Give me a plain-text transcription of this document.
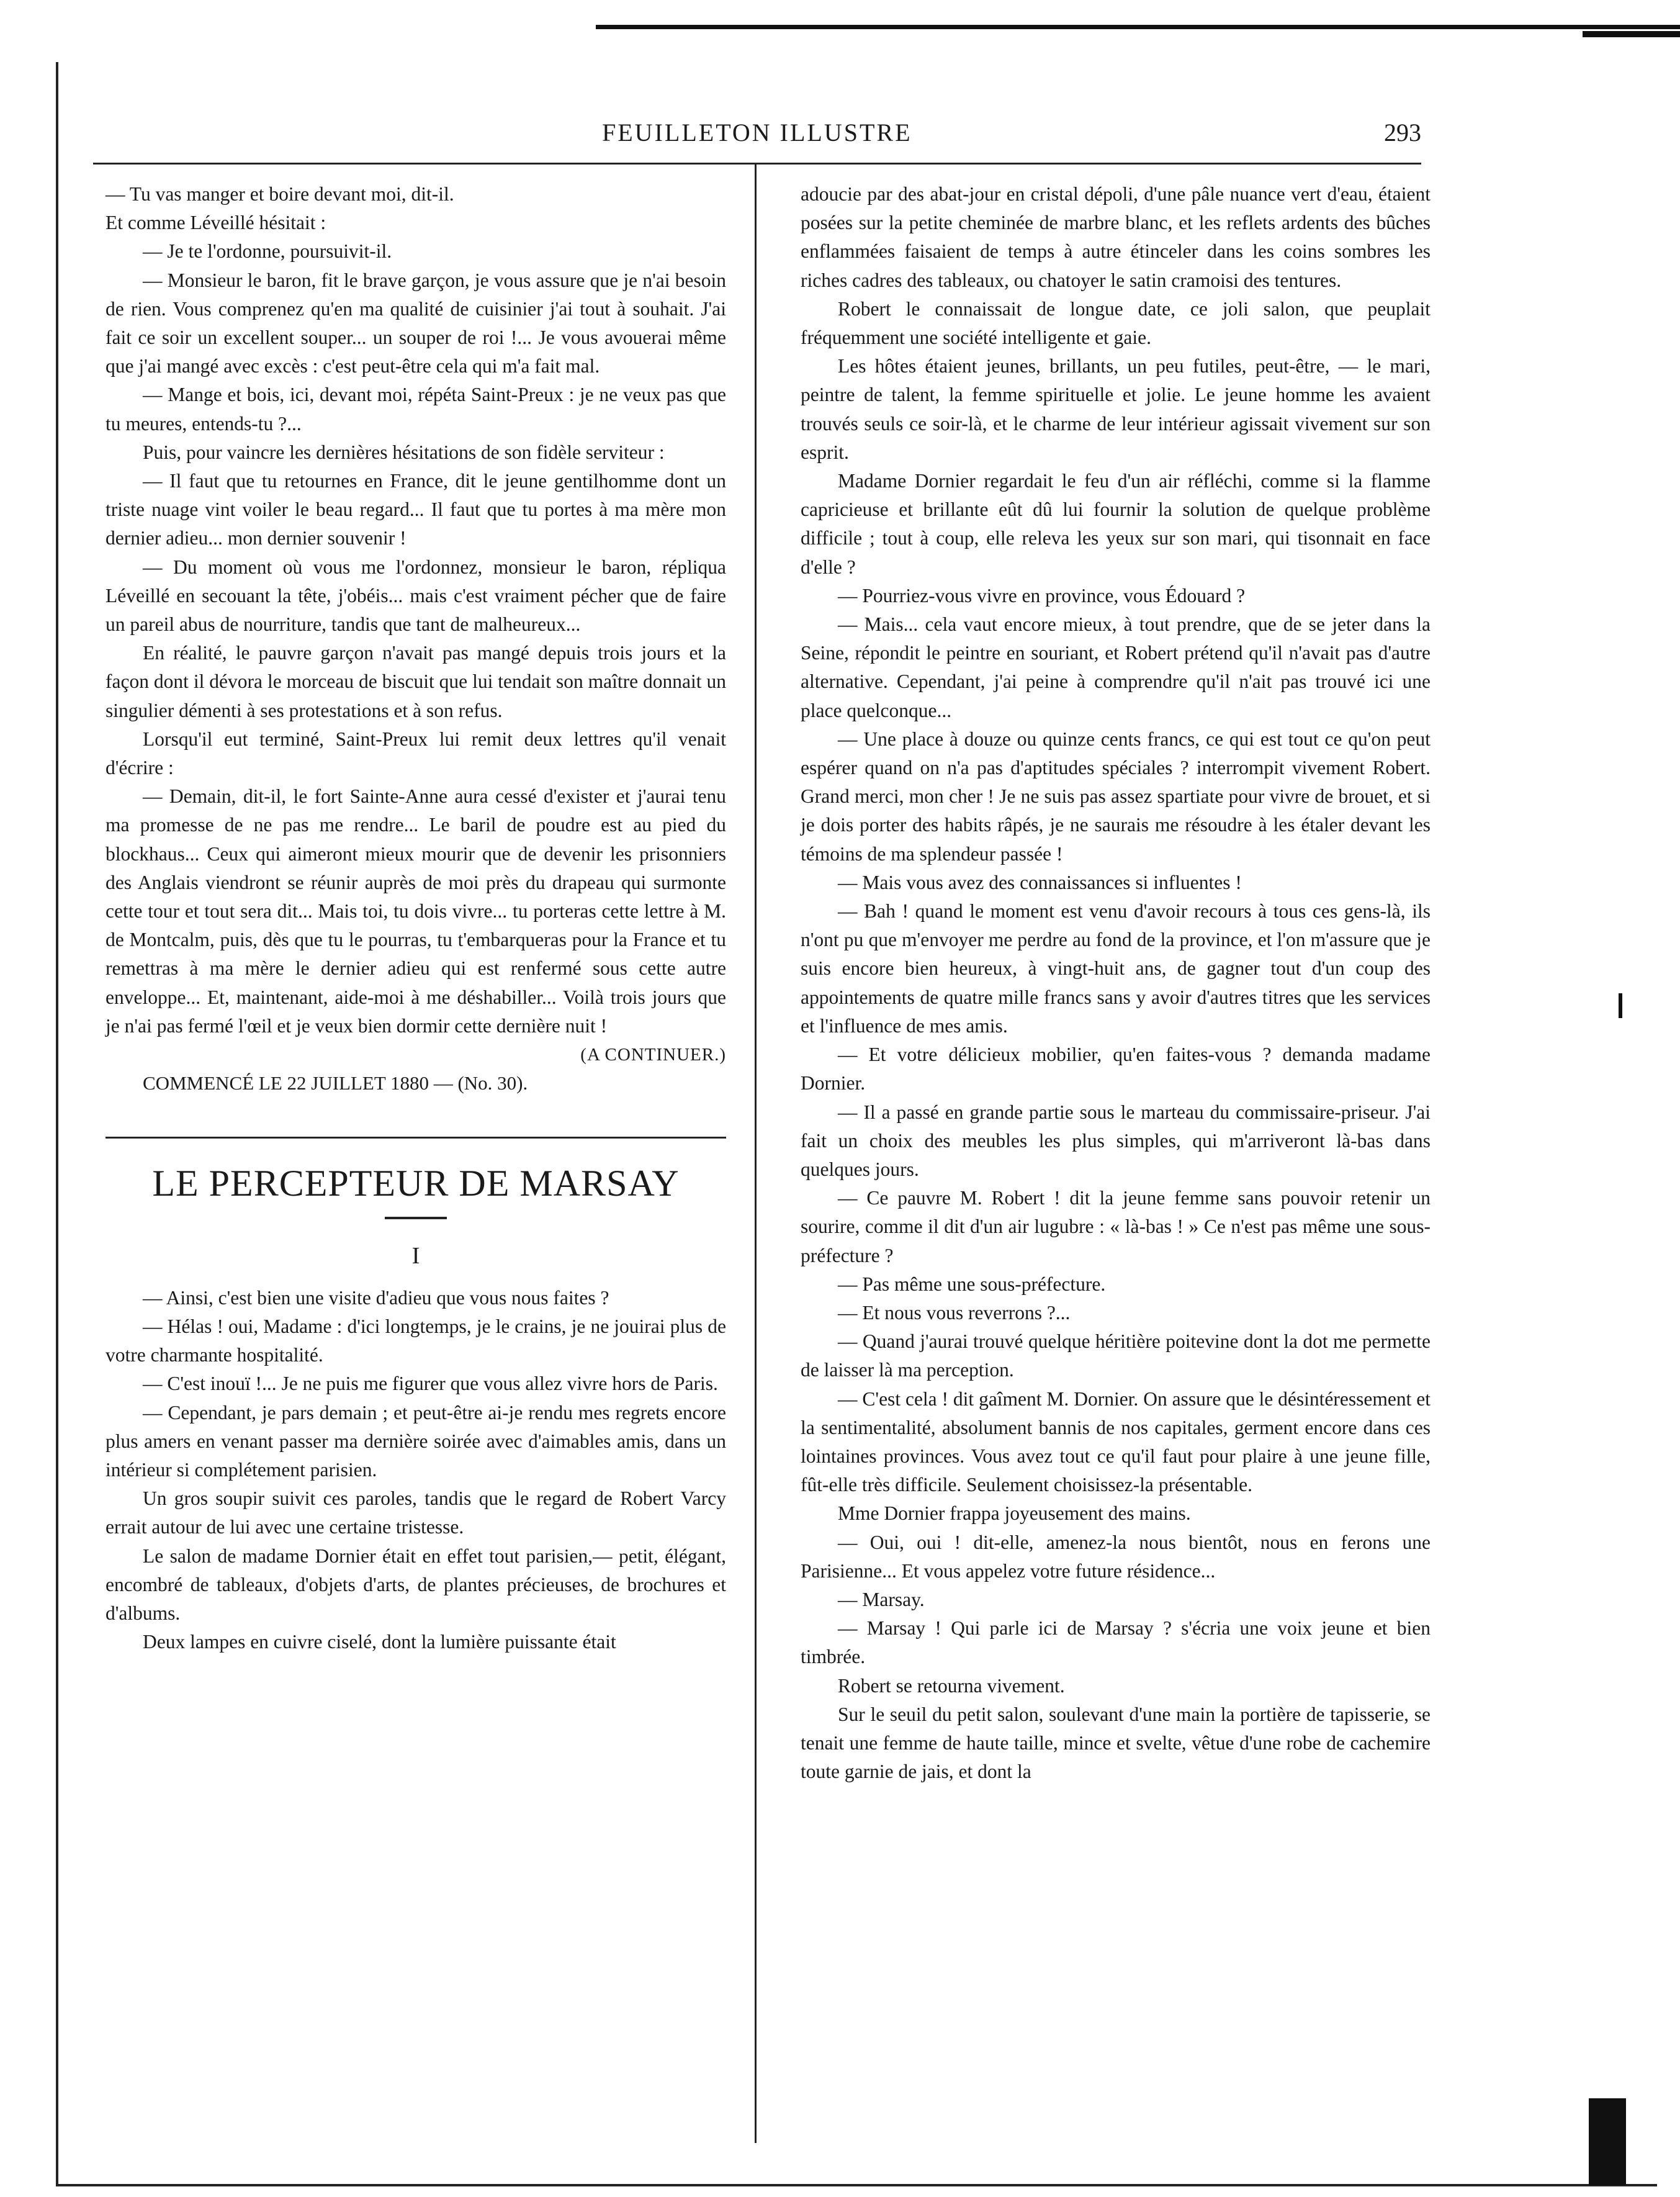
FEUILLETON ILLUSTRE	293

— Tu vas manger et boire devant moi, dit-il.

Et comme Léveillé hésitait :

— Je te l'ordonne, poursuivit-il.

— Monsieur le baron, fit le brave garçon, je vous assure que je n'ai besoin de rien. Vous comprenez qu'en ma qualité de cuisinier j'ai tout à souhait. J'ai fait ce soir un excellent souper... un souper de roi !... Je vous avouerai même que j'ai mangé avec excès : c'est peut-être cela qui m'a fait mal.

— Mange et bois, ici, devant moi, répéta Saint-Preux : je ne veux pas que tu meures, entends-tu ?...

Puis, pour vaincre les dernières hésitations de son fidèle serviteur :

— Il faut que tu retournes en France, dit le jeune gentilhomme dont un triste nuage vint voiler le beau regard... Il faut que tu portes à ma mère mon dernier adieu... mon dernier souvenir !

— Du moment où vous me l'ordonnez, monsieur le baron, répliqua Léveillé en secouant la tête, j'obéis... mais c'est vraiment pécher que de faire un pareil abus de nourriture, tandis que tant de malheureux...

En réalité, le pauvre garçon n'avait pas mangé depuis trois jours et la façon dont il dévora le morceau de biscuit que lui tendait son maître donnait un singulier démenti à ses protestations et à son refus.

Lorsqu'il eut terminé, Saint-Preux lui remit deux lettres qu'il venait d'écrire :

— Demain, dit-il, le fort Sainte-Anne aura cessé d'exister et j'aurai tenu ma promesse de ne pas me rendre... Le baril de poudre est au pied du blockhaus... Ceux qui aimeront mieux mourir que de devenir les prisonniers des Anglais viendront se réunir auprès de moi près du drapeau qui surmonte cette tour et tout sera dit... Mais toi, tu dois vivre... tu porteras cette lettre à M. de Montcalm, puis, dès que tu le pourras, tu t'embarqueras pour la France et tu remettras à ma mère le dernier adieu qui est renfermé sous cette autre enveloppe... Et, maintenant, aide-moi à me déshabiller... Voilà trois jours que je n'ai pas fermé l'œil et je veux bien dormir cette dernière nuit !

(A CONTINUER.)

COMMENCÉ LE 22 JUILLET 1880 — (No. 30).

LE PERCEPTEUR DE MARSAY
I

— Ainsi, c'est bien une visite d'adieu que vous nous faites ?

— Hélas ! oui, Madame : d'ici longtemps, je le crains, je ne jouirai plus de votre charmante hospitalité.

— C'est inouï !... Je ne puis me figurer que vous allez vivre hors de Paris.

— Cependant, je pars demain ; et peut-être ai-je rendu mes regrets encore plus amers en venant passer ma dernière soirée avec d'aimables amis, dans un intérieur si complétement parisien.

Un gros soupir suivit ces paroles, tandis que le regard de Robert Varcy errait autour de lui avec une certaine tristesse.

Le salon de madame Dornier était en effet tout parisien,— petit, élégant, encombré de tableaux, d'objets d'arts, de plantes précieuses, de brochures et d'albums.

Deux lampes en cuivre ciselé, dont la lumière puissante était

adoucie par des abat-jour en cristal dépoli, d'une pâle nuance vert d'eau, étaient posées sur la petite cheminée de marbre blanc, et les reflets ardents des bûches enflammées faisaient de temps à autre étinceler dans les coins sombres les riches cadres des tableaux, ou chatoyer le satin cramoisi des tentures.

Robert le connaissait de longue date, ce joli salon, que peuplait fréquemment une société intelligente et gaie.

Les hôtes étaient jeunes, brillants, un peu futiles, peut-être, — le mari, peintre de talent, la femme spirituelle et jolie. Le jeune homme les avaient trouvés seuls ce soir-là, et le charme de leur intérieur agissait vivement sur son esprit.

Madame Dornier regardait le feu d'un air réfléchi, comme si la flamme capricieuse et brillante eût dû lui fournir la solution de quelque problème difficile ; tout à coup, elle releva les yeux sur son mari, qui tisonnait en face d'elle ?

— Pourriez-vous vivre en province, vous Édouard ?

— Mais... cela vaut encore mieux, à tout prendre, que de se jeter dans la Seine, répondit le peintre en souriant, et Robert prétend qu'il n'avait pas d'autre alternative. Cependant, j'ai peine à comprendre qu'il n'ait pas trouvé ici une place quelconque...

— Une place à douze ou quinze cents francs, ce qui est tout ce qu'on peut espérer quand on n'a pas d'aptitudes spéciales ? interrompit vivement Robert. Grand merci, mon cher ! Je ne suis pas assez spartiate pour vivre de brouet, et si je dois porter des habits râpés, je ne saurais me résoudre à les étaler devant les témoins de ma splendeur passée !

— Mais vous avez des connaissances si influentes !

— Bah ! quand le moment est venu d'avoir recours à tous ces gens-là, ils n'ont pu que m'envoyer me perdre au fond de la province, et l'on m'assure que je suis encore bien heureux, à vingt-huit ans, de gagner tout d'un coup des appointements de quatre mille francs sans y avoir d'autres titres que les services et l'influence de mes amis.

— Et votre délicieux mobilier, qu'en faites-vous ? demanda madame Dornier.

— Il a passé en grande partie sous le marteau du commissaire-priseur. J'ai fait un choix des meubles les plus simples, qui m'arriveront là-bas dans quelques jours.

— Ce pauvre M. Robert ! dit la jeune femme sans pouvoir retenir un sourire, comme il dit d'un air lugubre : « là-bas ! » Ce n'est pas même une sous-préfecture ?

— Pas même une sous-préfecture.

— Et nous vous reverrons ?...

— Quand j'aurai trouvé quelque héritière poitevine dont la dot me permette de laisser là ma perception.

— C'est cela ! dit gaîment M. Dornier. On assure que le désintéressement et la sentimentalité, absolument bannis de nos capitales, germent encore dans ces lointaines provinces. Vous avez tout ce qu'il faut pour plaire à une jeune fille, fût-elle très difficile. Seulement choisissez-la présentable.

Mme Dornier frappa joyeusement des mains.

— Oui, oui ! dit-elle, amenez-la nous bientôt, nous en ferons une Parisienne... Et vous appelez votre future résidence...

— Marsay.

— Marsay ! Qui parle ici de Marsay ? s'écria une voix jeune et bien timbrée.

Robert se retourna vivement.

Sur le seuil du petit salon, soulevant d'une main la portière de tapisserie, se tenait une femme de haute taille, mince et svelte, vêtue d'une robe de cachemire toute garnie de jais, et dont la
